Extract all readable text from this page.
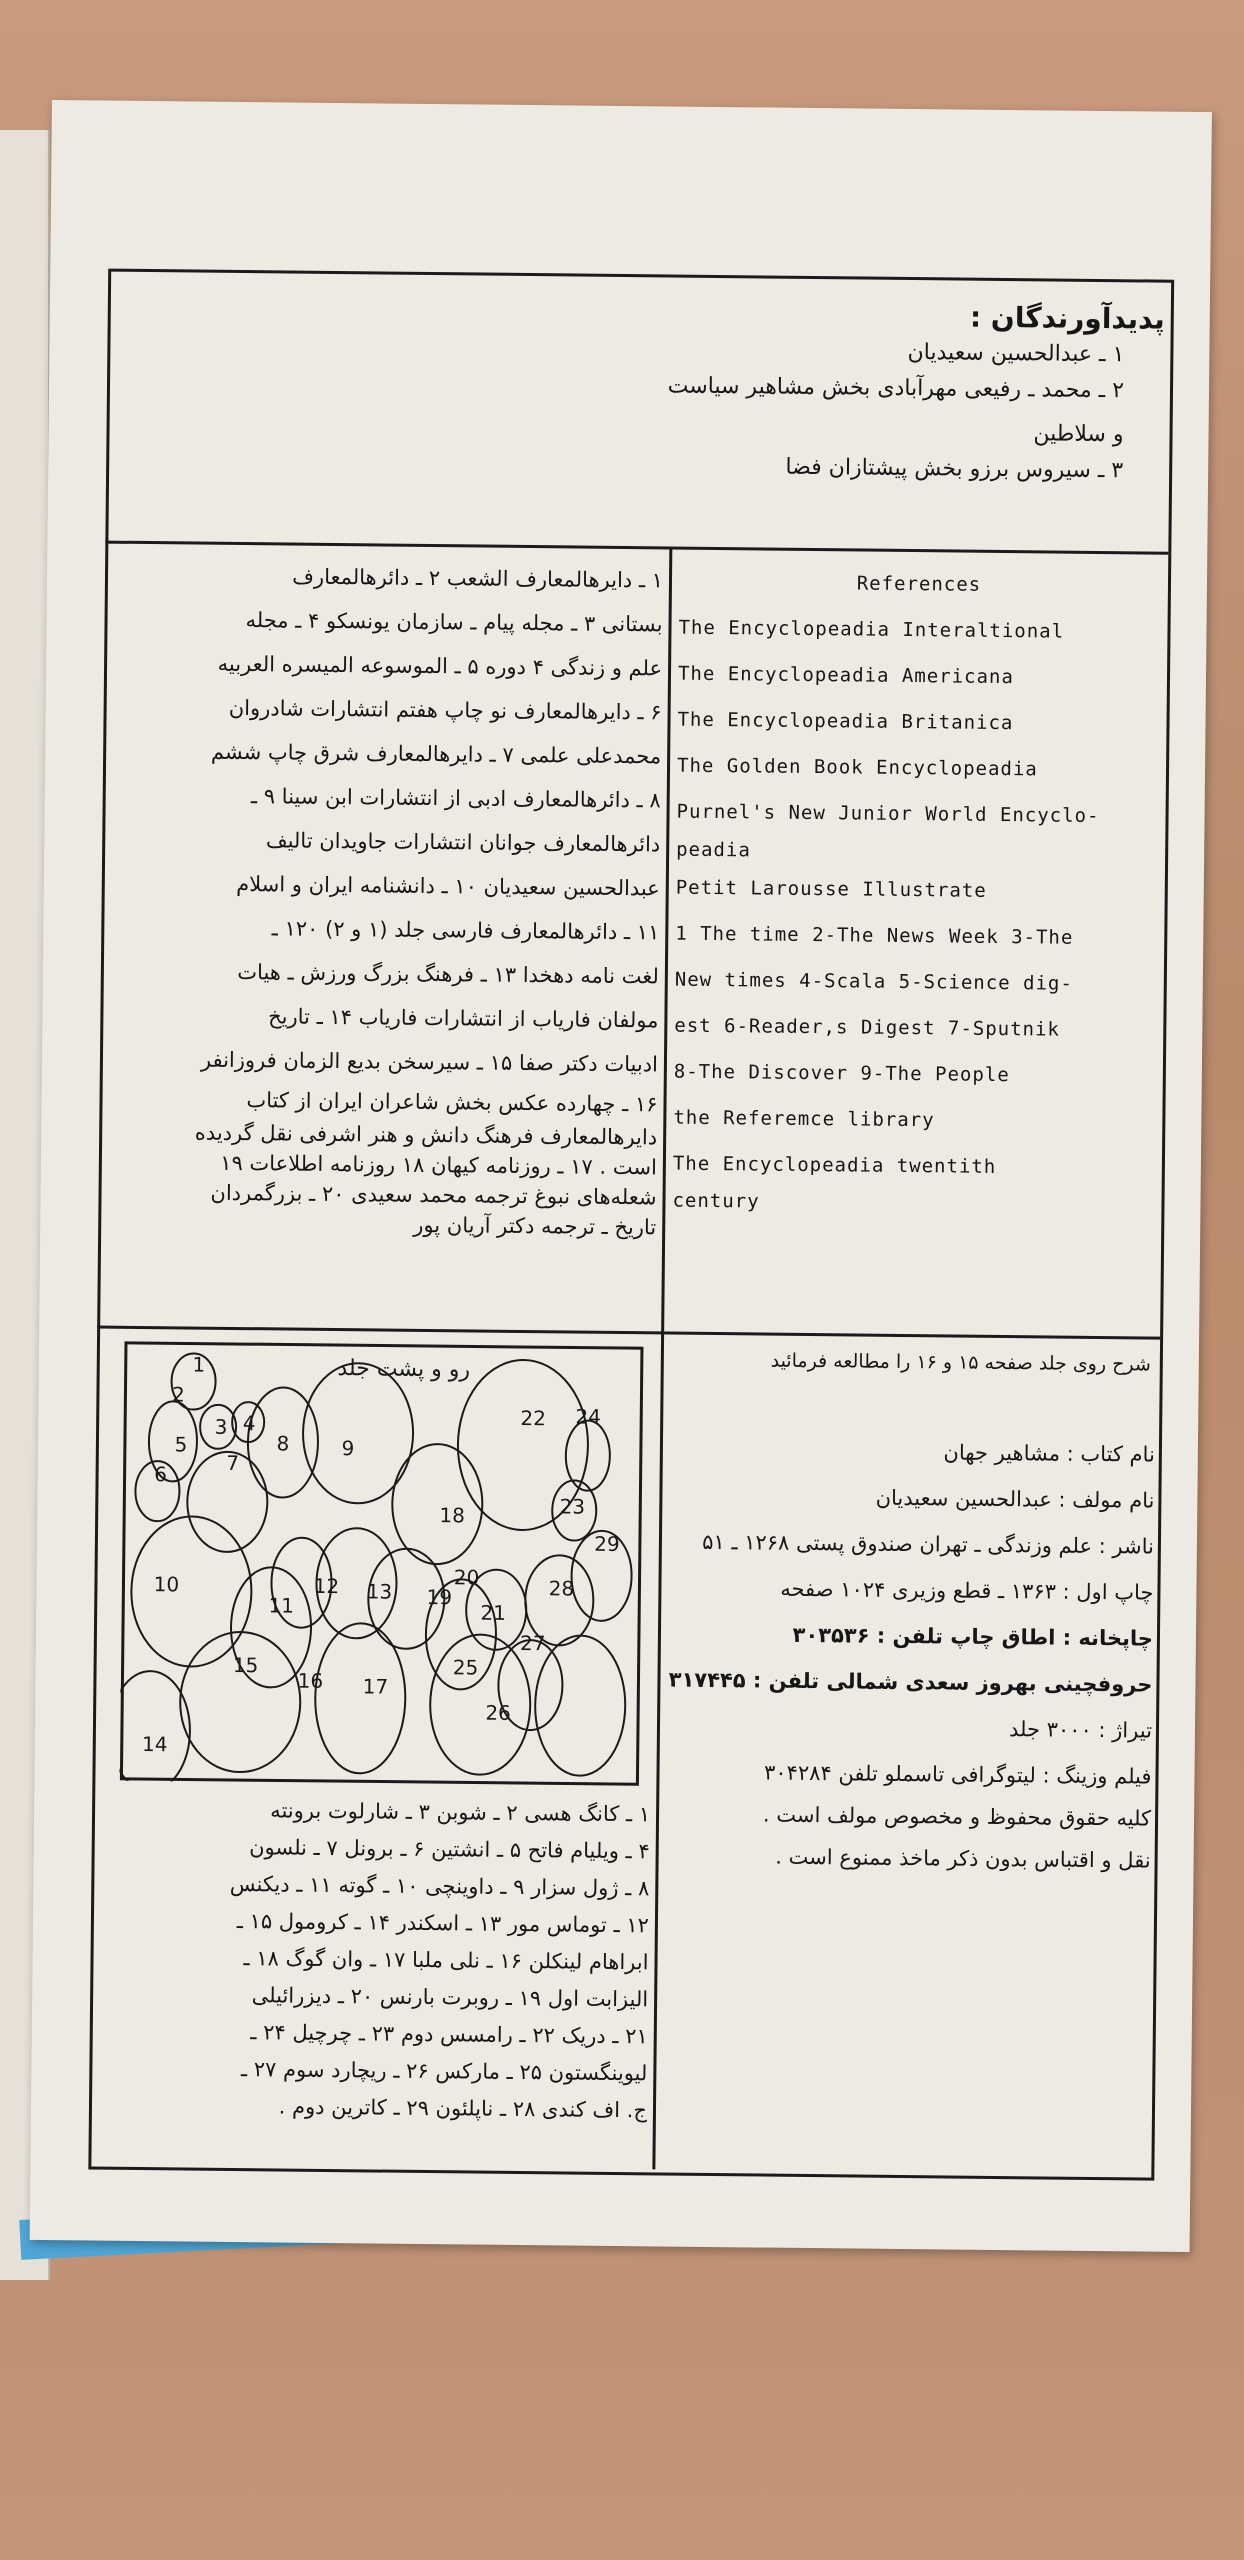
پدیدآورندگان :
۱ ـ عبدالحسین سعیدیان
۲ ـ محمد ـ رفیعی مهرآبادی بخش مشاهیر سیاست
و سلاطین
۳ ـ سیروس برزو بخش پیشتازان فضا
۱ ـ دایرهالمعارف الشعب ۲ ـ دائرهالمعارف
بستانی ۳ ـ مجله پیام ـ سازمان یونسکو ۴ ـ مجله
علم و زندگی ۴ دوره ۵ ـ الموسوعه المیسره العربیه
۶ ـ دایرهالمعارف نو چاپ هفتم انتشارات شادروان
محمدعلی علمی ۷ ـ دایرهالمعارف شرق چاپ ششم
۸ ـ دائرهالمعارف ادبی از انتشارات ابن سینا ۹ ـ
دائرهالمعارف جوانان انتشارات جاویدان تالیف
عبدالحسین سعیدیان ۱۰ ـ دانشنامه ایران و اسلام
۱۱ ـ دائرهالمعارف فارسی جلد (۱ و ۲) ۱۲۰ ـ
لغت نامه دهخدا ۱۳ ـ فرهنگ بزرگ ورزش ـ هیات
مولفان فاریاب از انتشارات فاریاب ۱۴ ـ تاریخ
ادبیات دکتر صفا ۱۵ ـ سیرسخن بدیع الزمان فروزانفر
۱۶ ـ چهارده عکس بخش شاعران ایران از کتاب
دایرهالمعارف فرهنگ دانش و هنر اشرفی نقل گردیده
است . ۱۷ ـ روزنامه کیهان ۱۸ روزنامه اطلاعات ۱۹
شعله‌های نبوغ ترجمه محمد سعیدی ۲۰ ـ بزرگمردان
تاریخ ـ ترجمه دکتر آریان پور
References
The Encyclopeadia Interaltional
The Encyclopeadia Americana
The Encyclopeadia Britanica
The Golden Book Encyclopeadia
Purnel's New Junior World Encyclo-
peadia
Petit Larousse Illustrate
1 The time 2-The News Week 3-The
New times 4-Scala 5-Science dig-
est 6-Reader,s Digest 7-Sputnik
8-The Discover 9-The People
the Referemce library
The Encyclopeadia twentith
century
رو و پشت جلد
1
2
3 4
5
6	7
8	9
10
11
12 13
14
15
16 17
18
19
20
21
22
23
24
25
26
27
28
29
۱ ـ کانگ هسی ۲ ـ شوبن ۳ ـ شارلوت برونته
۴ ـ ویلیام فاتح ۵ ـ انشتین ۶ ـ برونل ۷ ـ نلسون
۸ ـ ژول سزار ۹ ـ داوینچی ۱۰ ـ گوته ۱۱ ـ دیکنس
۱۲ ـ توماس مور ۱۳ ـ اسکندر ۱۴ ـ کرومول ۱۵ ـ
ابراهام لینکلن ۱۶ ـ نلی ملبا ۱۷ ـ وان گوگ ۱۸ ـ
الیزابت اول ۱۹ ـ روبرت بارنس ۲۰ ـ دیزرائیلی
۲۱ ـ دریک ۲۲ ـ رامسس دوم ۲۳ ـ چرچیل ۲۴ ـ
لیوینگستون ۲۵ ـ مارکس ۲۶ ـ ریچارد سوم ۲۷ ـ
ج. اف کندی ۲۸ ـ ناپلئون ۲۹ ـ کاترین دوم .
شرح روی جلد صفحه ۱۵ و ۱۶ را مطالعه فرمائید
نام کتاب : مشاهیر جهان
نام مولف : عبدالحسین سعیدیان
ناشر : علم وزندگی ـ تهران صندوق پستی ۱۲۶۸ ـ ۵۱
چاپ اول : ۱۳۶۳ ـ قطع وزیری ۱۰۲۴ صفحه
چاپخانه : اطاق چاپ تلفن : ۳۰۳۵۳۶
حروفچینی بهروز سعدی شمالی تلفن : ۳۱۷۴۴۵
تیراژ : ۳۰۰۰ جلد
فیلم وزینگ : لیتوگرافی تاسملو تلفن ۳۰۴۲۸۴
کلیه حقوق محفوظ و مخصوص مولف است .
نقل و اقتباس بدون ذکر ماخذ ممنوع است .
